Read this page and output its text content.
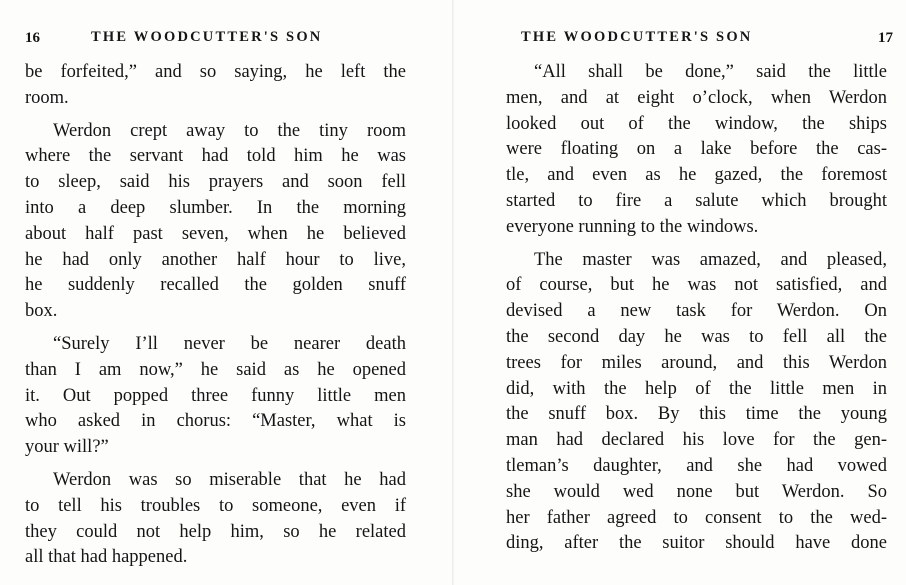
16	THE WOODCUTTER'S SON

be forfeited,” and so saying, he left the
room.

Werdon crept away to the tiny room
where the servant had told him he was
to sleep, said his prayers and soon fell
into a deep slumber. In the morning
about half past seven, when he believed
he had only another half hour to live,
he suddenly recalled the golden snuff
box.

“Surely I’ll never be nearer death
than I am now,” he said as he opened
it. Out popped three funny little men
who asked in chorus: “Master, what is
your will?”

Werdon was so miserable that he had
to tell his troubles to someone, even if
they could not help him, so he related
all that had happened.

THE WOODCUTTER'S SON	17

“All shall be done,” said the little
men, and at eight o’clock, when Werdon
looked out of the window, the ships
were floating on a lake before the cas-
tle, and even as he gazed, the foremost
started to fire a salute which brought
everyone running to the windows.

The master was amazed, and pleased,
of course, but he was not satisfied, and
devised a new task for Werdon. On
the second day he was to fell all the
trees for miles around, and this Werdon
did, with the help of the little men in
the snuff box. By this time the young
man had declared his love for the gen-
tleman’s daughter, and she had vowed
she would wed none but Werdon. So
her father agreed to consent to the wed-
ding, after the suitor should have done
